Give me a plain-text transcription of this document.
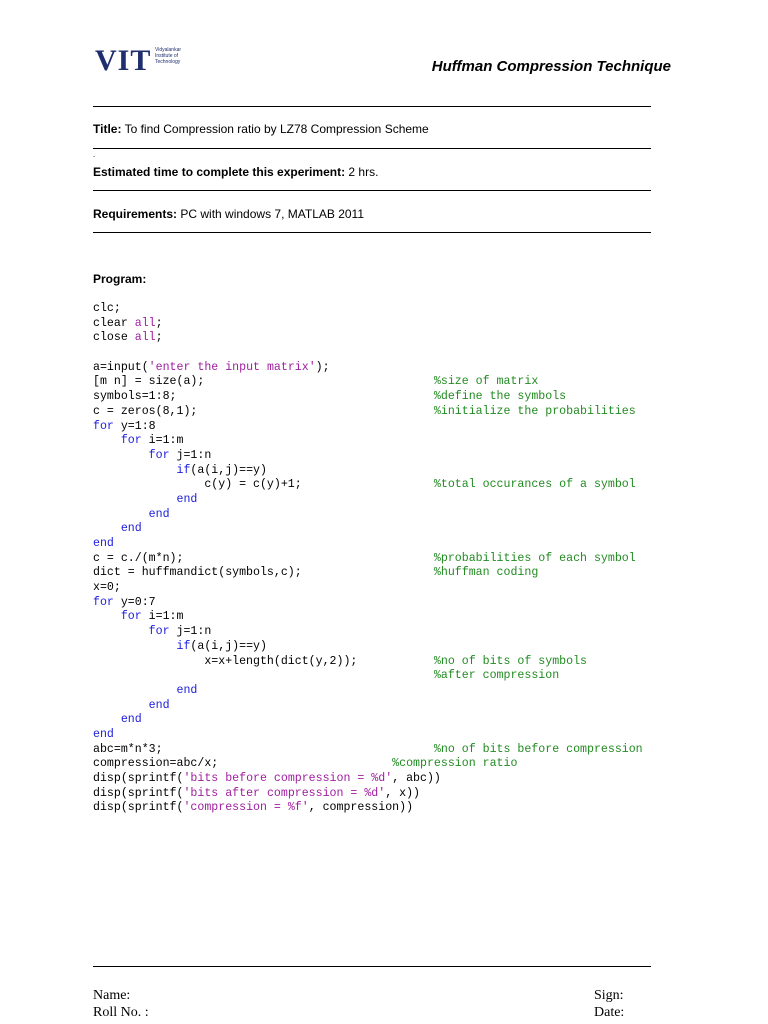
VIT Vidyalankar Institute of Technology	Huffman Compression Technique
Title: To find Compression ratio by LZ78 Compression Scheme
.
Estimated time to complete this experiment: 2 hrs.
Requirements: PC with windows 7, MATLAB 2011
Program:
clc;
clear all;
close all;
a=input('enter the input matrix');
[m n] = size(a);                                 %size of matrix
symbols=1:8;                                     %define the symbols
c = zeros(8,1);                                  %initialize the probabilities
for y=1:8
for i=1:m
for j=1:n
if(a(i,j)==y)
c(y) = c(y)+1;                   %total occurances of a symbol
end
end
end
end
c = c./(m*n);                                    %probabilities of each symbol
dict = huffmandict(symbols,c);                   %huffman coding
x=0;
for y=0:7
for i=1:m
for j=1:n
if(a(i,j)==y)
x=x+length(dict(y,2));           %no of bits of symbols
%after compression
end
end
end
end
abc=m*n*3;                                       %no of bits before compression
compression=abc/x;                         %compression ratio
disp(sprintf('bits before compression = %d', abc))
disp(sprintf('bits after compression = %d', x))
disp(sprintf('compression = %f', compression))
Name:
Roll No. :
Sign:
Date:
